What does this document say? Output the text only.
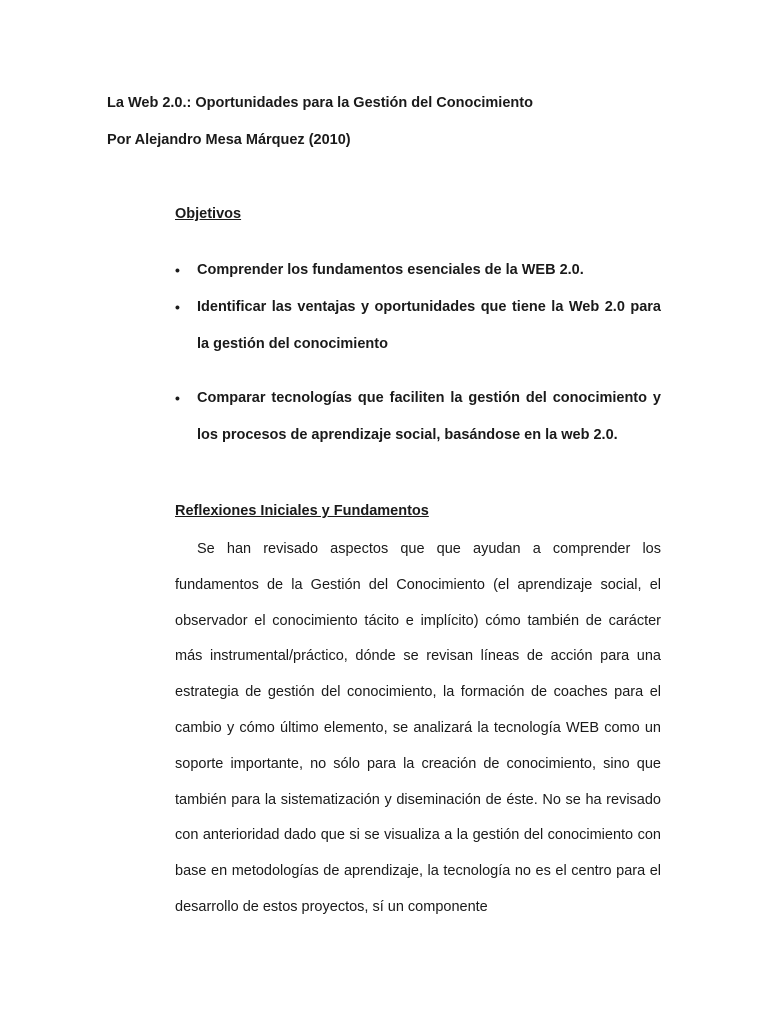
La Web 2.0.: Oportunidades para la Gestión del Conocimiento

Por Alejandro Mesa Márquez (2010)

Objetivos

• Comprender los fundamentos esenciales de la WEB 2.0.
• Identificar las ventajas y oportunidades que tiene la Web 2.0 para la gestión del conocimiento
• Comparar tecnologías que faciliten la gestión del conocimiento y los procesos de aprendizaje social, basándose en la web 2.0.

Reflexiones Iniciales y Fundamentos

Se han revisado aspectos que que ayudan a comprender los fundamentos de la Gestión del Conocimiento (el aprendizaje social, el observador el conocimiento tácito e implícito) cómo también de carácter más instrumental/práctico, dónde se revisan líneas de acción para una estrategia de gestión del conocimiento, la formación de coaches para el cambio y cómo último elemento, se analizará la tecnología WEB como un soporte importante, no sólo para la creación de conocimiento, sino que también para la sistematización y diseminación de éste. No se ha revisado con anterioridad dado que si se visualiza a la gestión del conocimiento con base en metodologías de aprendizaje, la tecnología no es el centro para el desarrollo de estos proyectos, sí un componente
